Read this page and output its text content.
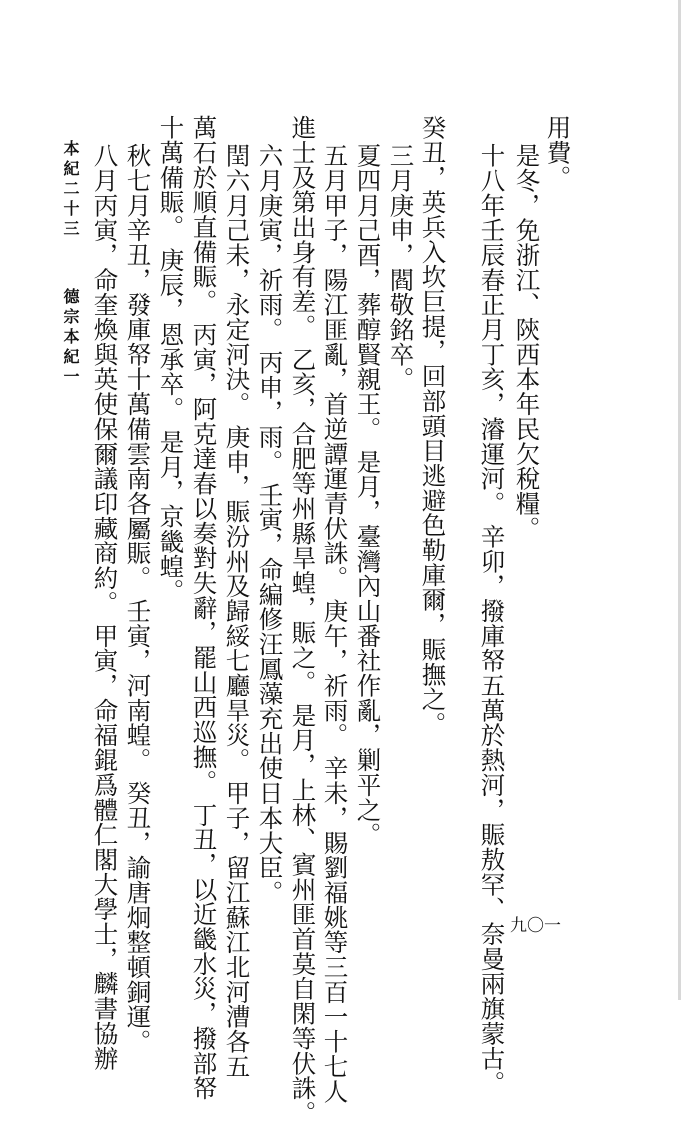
用費。
是冬，免浙江、陝西本年民欠稅糧。
十八年壬辰春正月丁亥，濬運河。 辛卯，撥庫帑五萬於熱河，賑敖罕、奈曼兩旗蒙古。
癸丑，英兵入坎巨提，回部頭目逃避色勒庫爾，賑撫之。
三月庚申，閻敬銘卒。
夏四月己酉，葬醇賢親王。 是月，臺灣內山番社作亂，剿平之。
五月甲子，陽江匪亂，首逆譚運青伏誅。 庚午，祈雨。 辛未，賜劉福姚等三百一十七人
進士及第出身有差。 乙亥，合肥等州縣旱蝗，賑之。 是月，上林、賓州匪首莫自閑等伏誅。
六月庚寅，祈雨。 丙申，雨。 壬寅，命編修汪鳳藻充出使日本大臣。
閏六月己未，永定河決。 庚申，賑汾州及歸綏七廳旱災。 甲子，留江蘇江北河漕各五
萬石於順直備賑。 丙寅，阿克達春以奏對失辭，罷山西巡撫。 丁丑，以近畿水災，撥部帑
十萬備賑。 庚辰，恩承卒。 是月，京畿蝗。
秋七月辛丑，發庫帑十萬備雲南各屬賑。 壬寅，河南蝗。 癸丑，諭唐炯整頓銅運。
八月丙寅，命奎煥與英使保爾議印藏商約。 甲寅，命福錕爲體仁閣大學士，麟書協辦
本紀二十三
德宗本紀一
九〇一
